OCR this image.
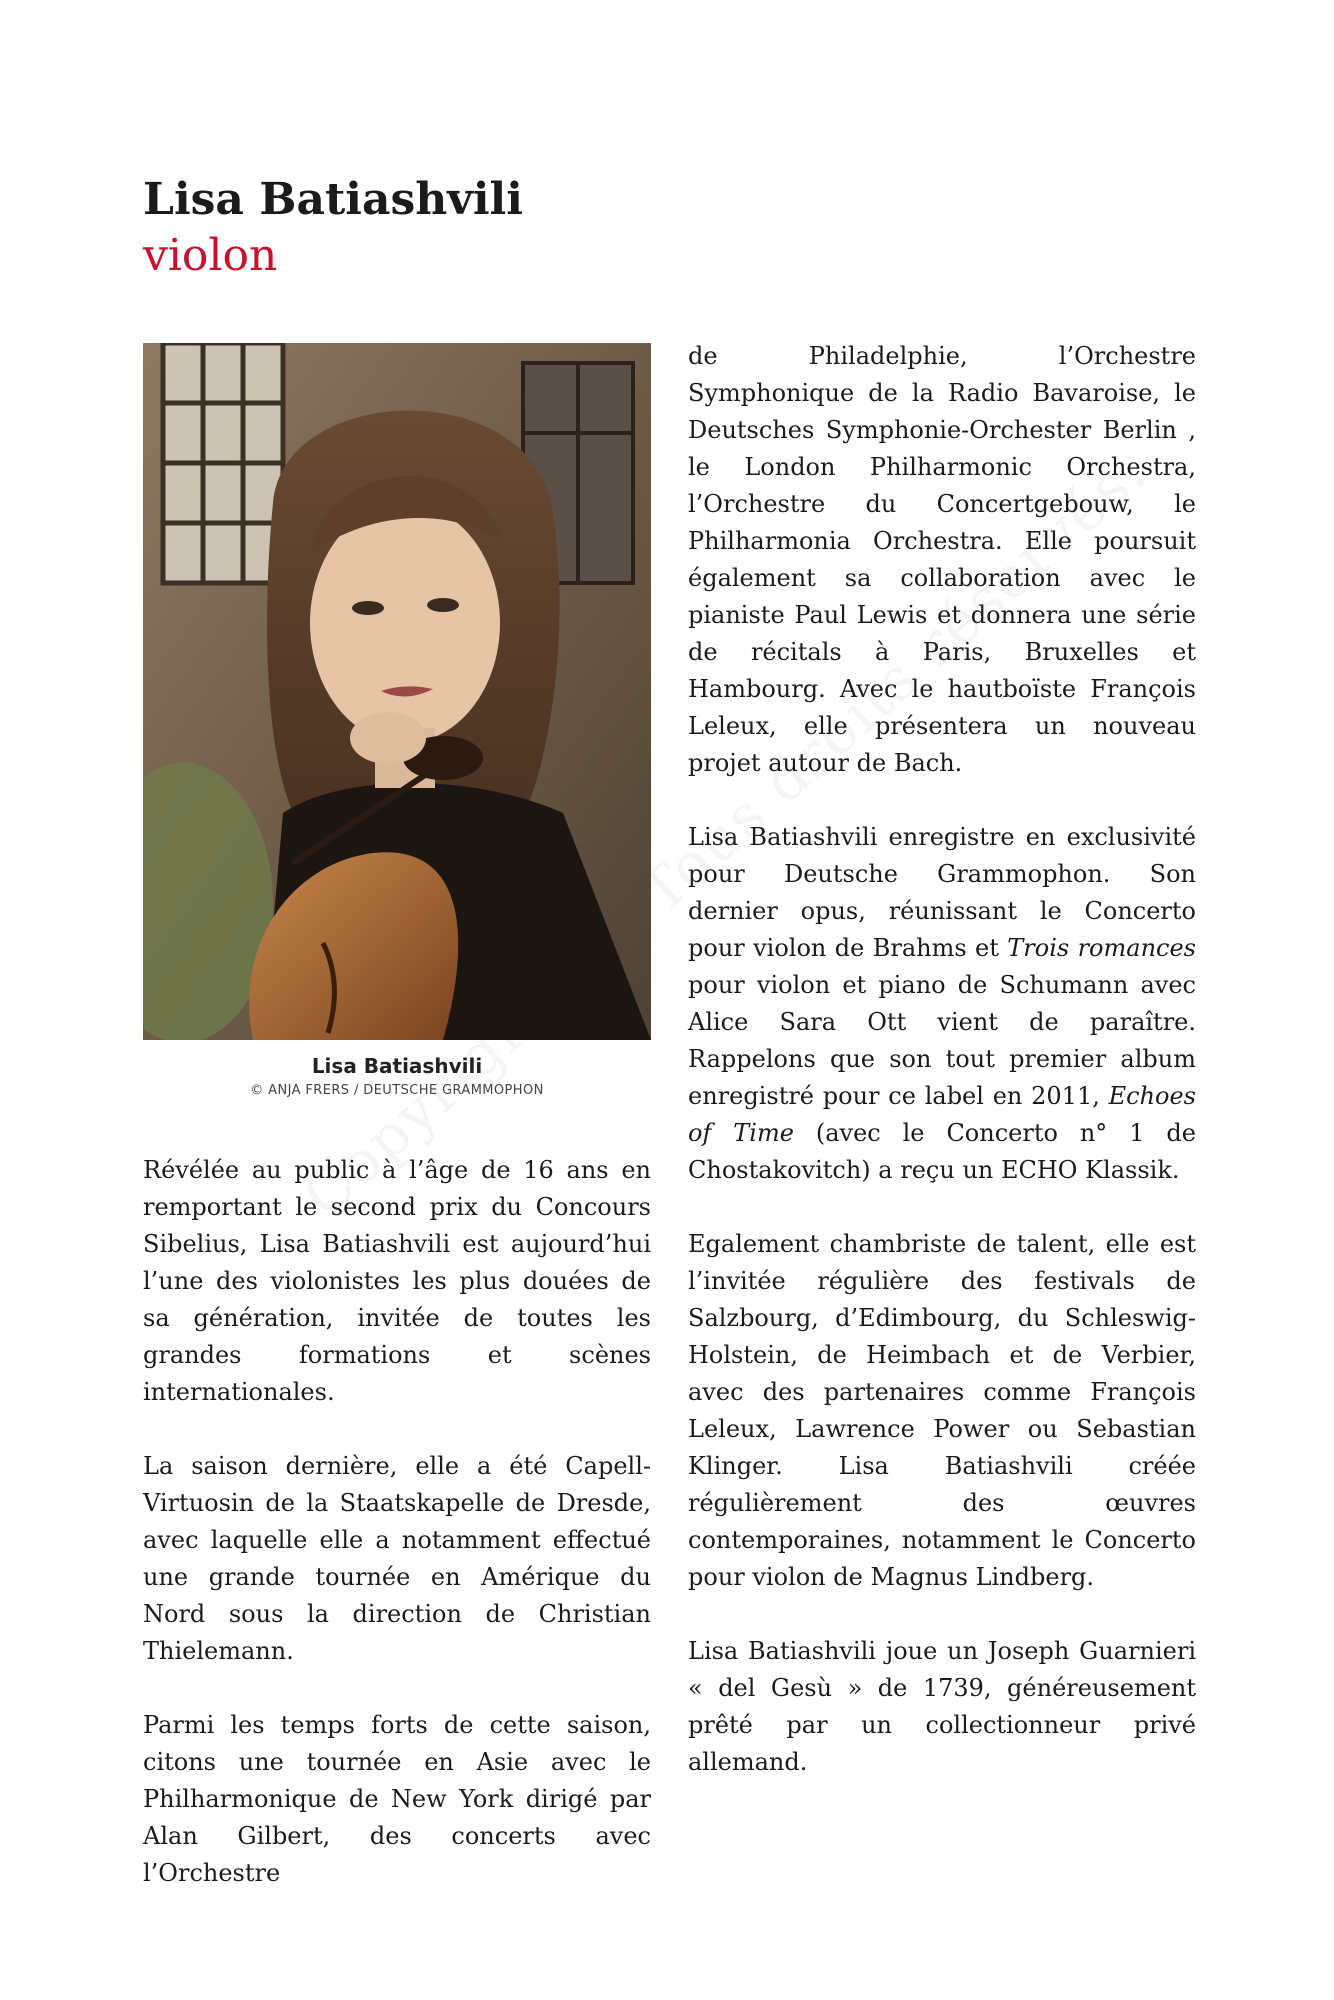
Lisa Batiashvili
violon
Lisa Batiashvili
© ANJA FRERS / DEUTSCHE GRAMMOPHON

Révélée au public à l’âge de 16 ans en remportant le second prix du Concours Sibelius, Lisa Batiashvili est aujourd’hui l’une des violonistes les plus douées de sa génération, invitée de toutes les grandes formations et scènes internationales.

La saison dernière, elle a été Capell-Virtuosin de la Staatskapelle de Dresde, avec laquelle elle a notamment effectué une grande tournée en Amérique du Nord sous la direction de Christian Thielemann.

Parmi les temps forts de cette saison, citons une tournée en Asie avec le Philharmonique de New York dirigé par Alan Gilbert, des concerts avec l’Orchestre

de Philadelphie, l’Orchestre Symphonique de la Radio Bavaroise, le Deutsches Symphonie-Orchester Berlin , le London Philharmonic Orchestra, l’Orchestre du Concertgebouw, le Philharmonia Orchestra. Elle poursuit également sa collaboration avec le pianiste Paul Lewis et donnera une série de récitals à Paris, Bruxelles et Hambourg. Avec le hautboïste François Leleux, elle présentera un nouveau projet autour de Bach.

Lisa Batiashvili enregistre en exclusivité pour Deutsche Grammophon. Son dernier opus, réunissant le Concerto pour violon de Brahms et Trois romances pour violon et piano de Schumann avec Alice Sara Ott vient de paraître. Rappelons que son tout premier album enregistré pour ce label en 2011, Echoes of Time (avec le Concerto n° 1 de Chostakovitch) a reçu un ECHO Klassik.

Egalement chambriste de talent, elle est l’invitée régulière des festivals de Salzbourg, d’Edimbourg, du Schleswig-Holstein, de Heimbach et de Verbier, avec des partenaires comme François Leleux, Lawrence Power ou Sebastian Klinger. Lisa Batiashvili créée régulièrement des œuvres contemporaines, notamment le Concerto pour violon de Magnus Lindberg.

Lisa Batiashvili joue un Joseph Guarnieri « del Gesù » de 1739, généreusement prêté par un collectionneur privé allemand.
